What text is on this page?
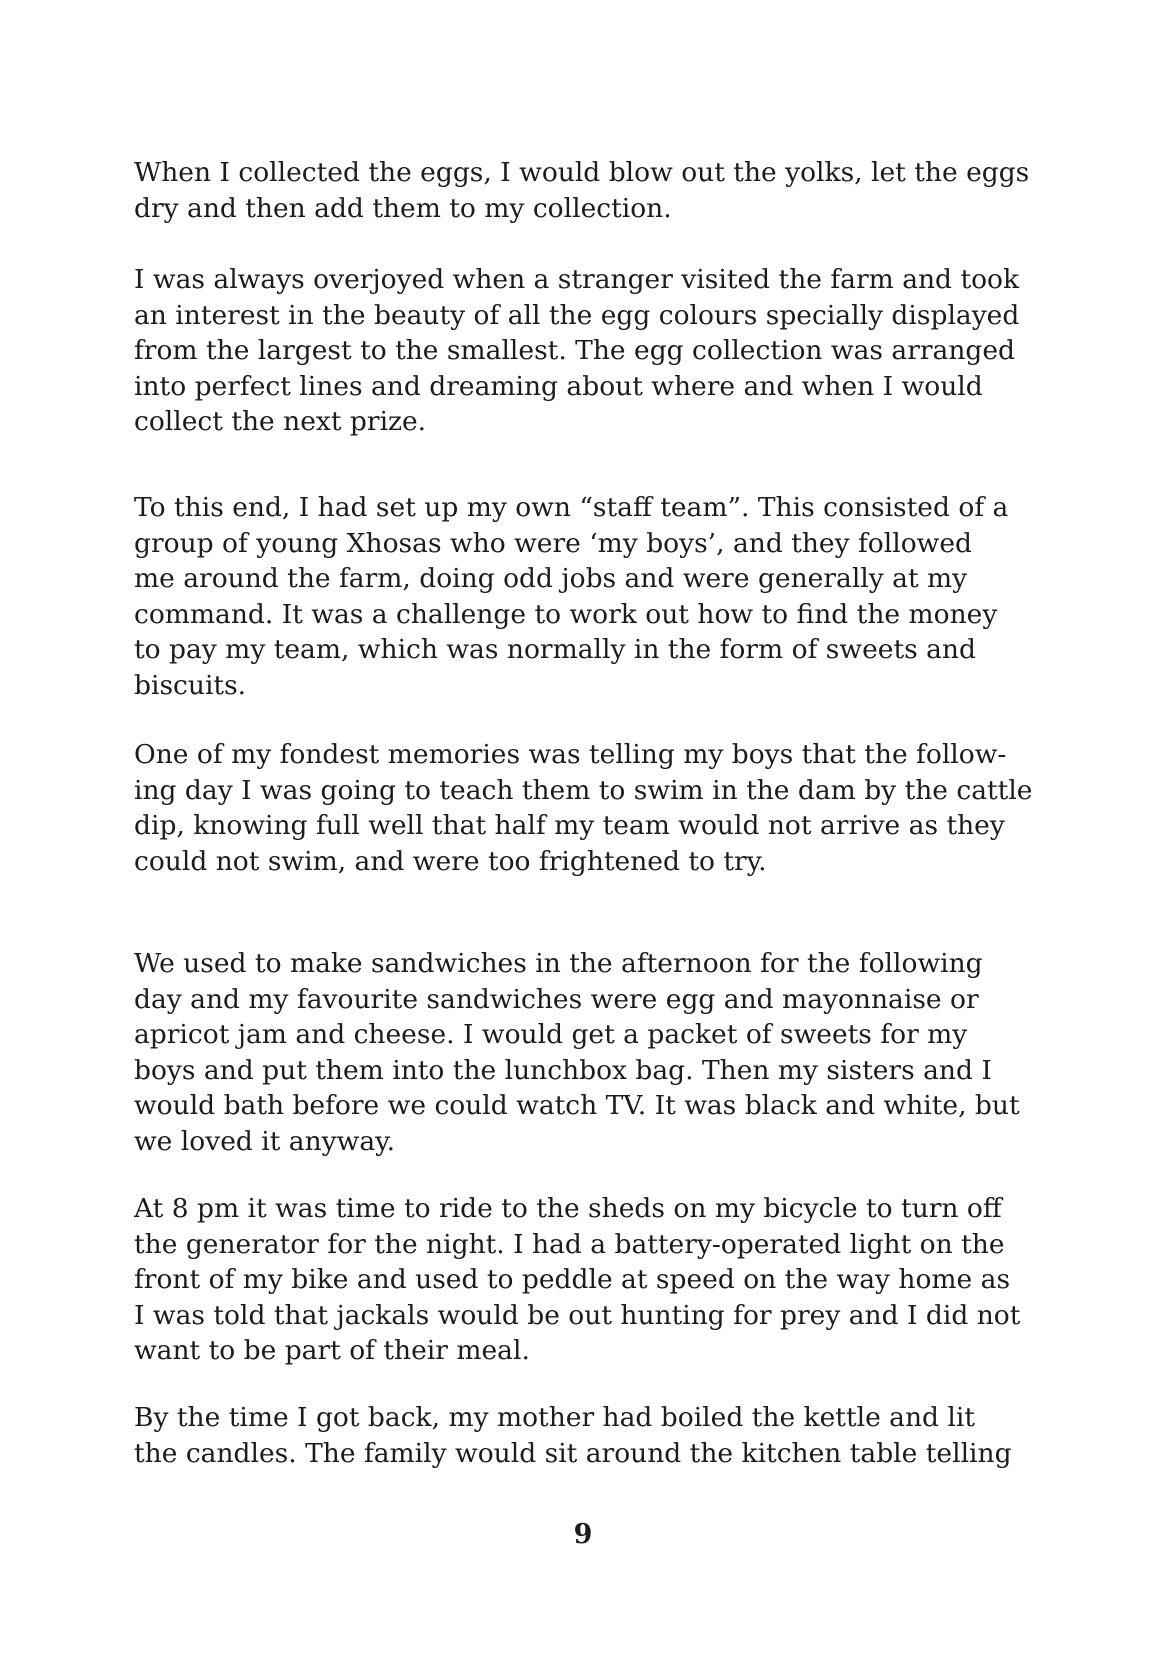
When I collected the eggs, I would blow out the yolks, let the eggs
dry and then add them to my collection.
I was always overjoyed when a stranger visited the farm and took
an interest in the beauty of all the egg colours specially displayed
from the largest to the smallest. The egg collection was arranged
into perfect lines and dreaming about where and when I would
collect the next prize.
To this end, I had set up my own “staff team”. This consisted of a
group of young Xhosas who were ‘my boys’, and they followed
me around the farm, doing odd jobs and were generally at my
command. It was a challenge to work out how to find the money
to pay my team, which was normally in the form of sweets and
biscuits.
One of my fondest memories was telling my boys that the follow-
ing day I was going to teach them to swim in the dam by the cattle
dip, knowing full well that half my team would not arrive as they
could not swim, and were too frightened to try.
We used to make sandwiches in the afternoon for the following
day and my favourite sandwiches were egg and mayonnaise or
apricot jam and cheese. I would get a packet of sweets for my
boys and put them into the lunchbox bag. Then my sisters and I
would bath before we could watch TV. It was black and white, but
we loved it anyway.
At 8 pm it was time to ride to the sheds on my bicycle to turn off
the generator for the night. I had a battery-operated light on the
front of my bike and used to peddle at speed on the way home as
I was told that jackals would be out hunting for prey and I did not
want to be part of their meal.
By the time I got back, my mother had boiled the kettle and lit
the candles. The family would sit around the kitchen table telling
9
